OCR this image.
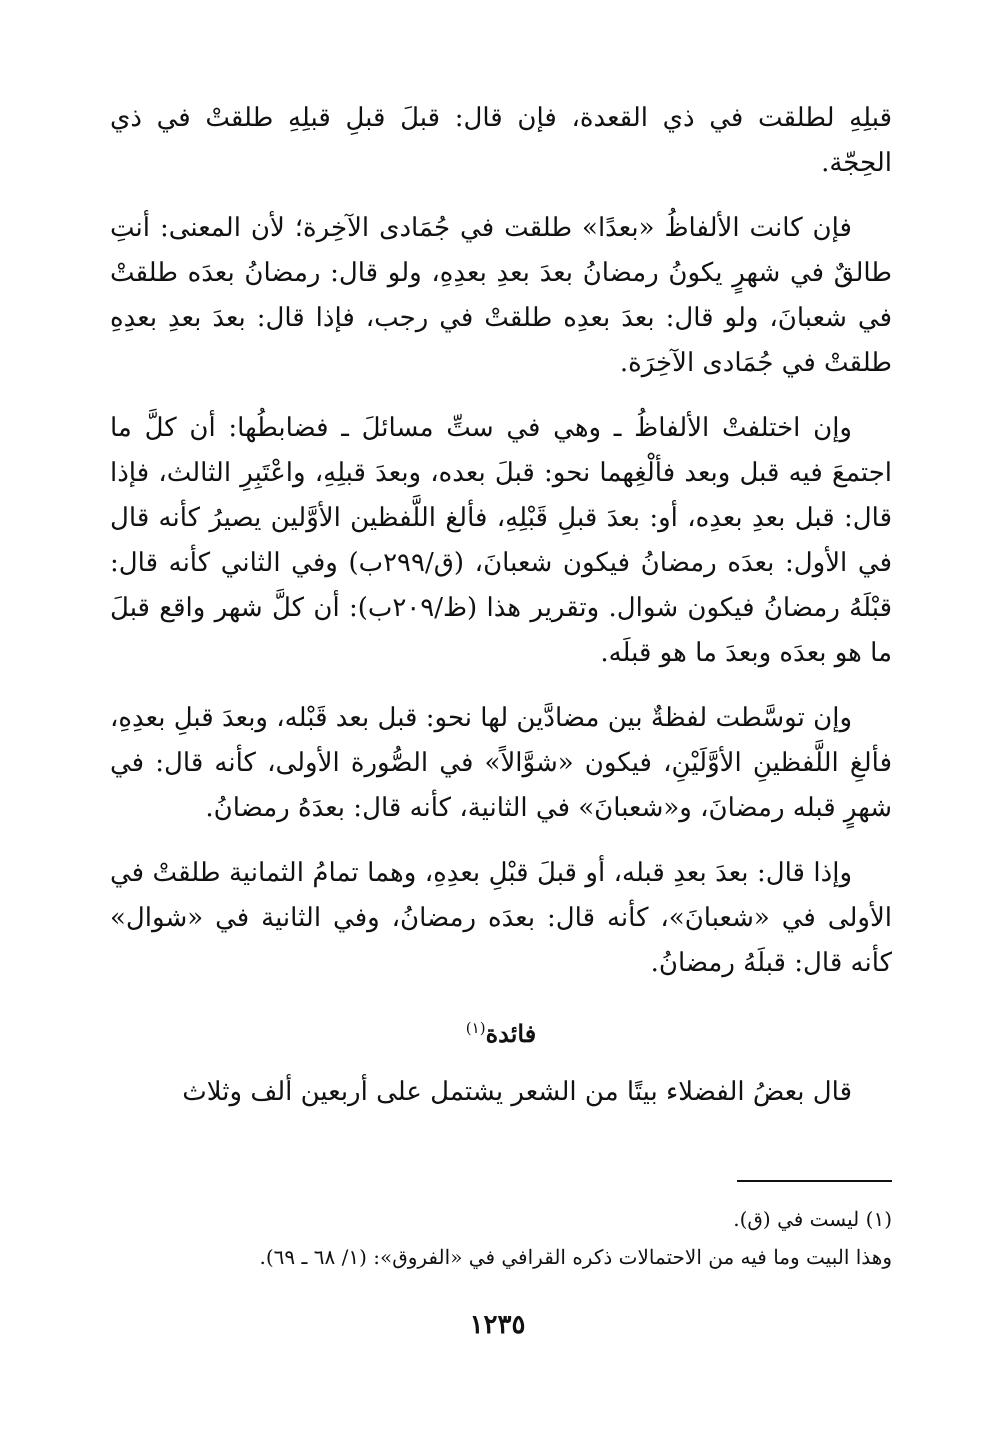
قبلِهِ لطلقت في ذي القعدة، فإن قال: قبلَ قبلِ قبلِهِ طلقتْ في ذي الحِجّة.

فإن كانت الألفاظُ «بعدًا» طلقت في جُمَادى الآخِرة؛ لأن المعنى: أنتِ طالقٌ في شهرٍ يكونُ رمضانُ بعدَ بعدِ بعدِهِ، ولو قال: رمضانُ بعدَه طلقتْ في شعبانَ، ولو قال: بعدَ بعدِه طلقتْ في رجب، فإذا قال: بعدَ بعدِ بعدِهِ طلقتْ في جُمَادى الآخِرَة.

وإن اختلفتْ الألفاظُ ـ وهي في ستِّ مسائلَ ـ فضابطُها: أن كلَّ ما اجتمعَ فيه قبل وبعد فألْغِهما نحو: قبلَ بعده، وبعدَ قبلِهِ، واعْتَبِرِ الثالث، فإذا قال: قبل بعدِ بعدِه، أو: بعدَ قبلِ قَبْلِهِ، فألغ اللَّفظين الأوَّلين يصيرُ كأنه قال في الأول: بعدَه رمضانُ فيكون شعبانَ، (ق/٢٩٩ب) وفي الثاني كأنه قال: قبْلَهُ رمضانُ فيكون شوال. وتقرير هذا (ظ/٢٠٩ب): أن كلَّ شهر واقع قبلَ ما هو بعدَه وبعدَ ما هو قبلَه.

وإن توسَّطت لفظةٌ بين مضادَّين لها نحو: قبل بعد قَبْله، وبعدَ قبلِ بعدِهِ، فألغِ اللَّفظينِ الأوَّلَيْنِ، فيكون «شوَّالاً» في الصُّورة الأولى، كأنه قال: في شهرٍ قبله رمضانَ، و«شعبانَ» في الثانية، كأنه قال: بعدَهُ رمضانُ.

وإذا قال: بعدَ بعدِ قبله، أو قبلَ قبْلِ بعدِهِ، وهما تمامُ الثمانية طلقتْ في الأولى في «شعبانَ»، كأنه قال: بعدَه رمضانُ، وفي الثانية في «شوال» كأنه قال: قبلَهُ رمضانُ.

فائدة$^{(١)}$

قال بعضُ الفضلاء بيتًا من الشعر يشتمل على أربعين ألف وثلاث

(١) ليست في (ق).

وهذا البيت وما فيه من الاحتمالات ذكره القرافي في «الفروق»: (١/ ٦٨ ـ ٦٩).

١٢٣٥
